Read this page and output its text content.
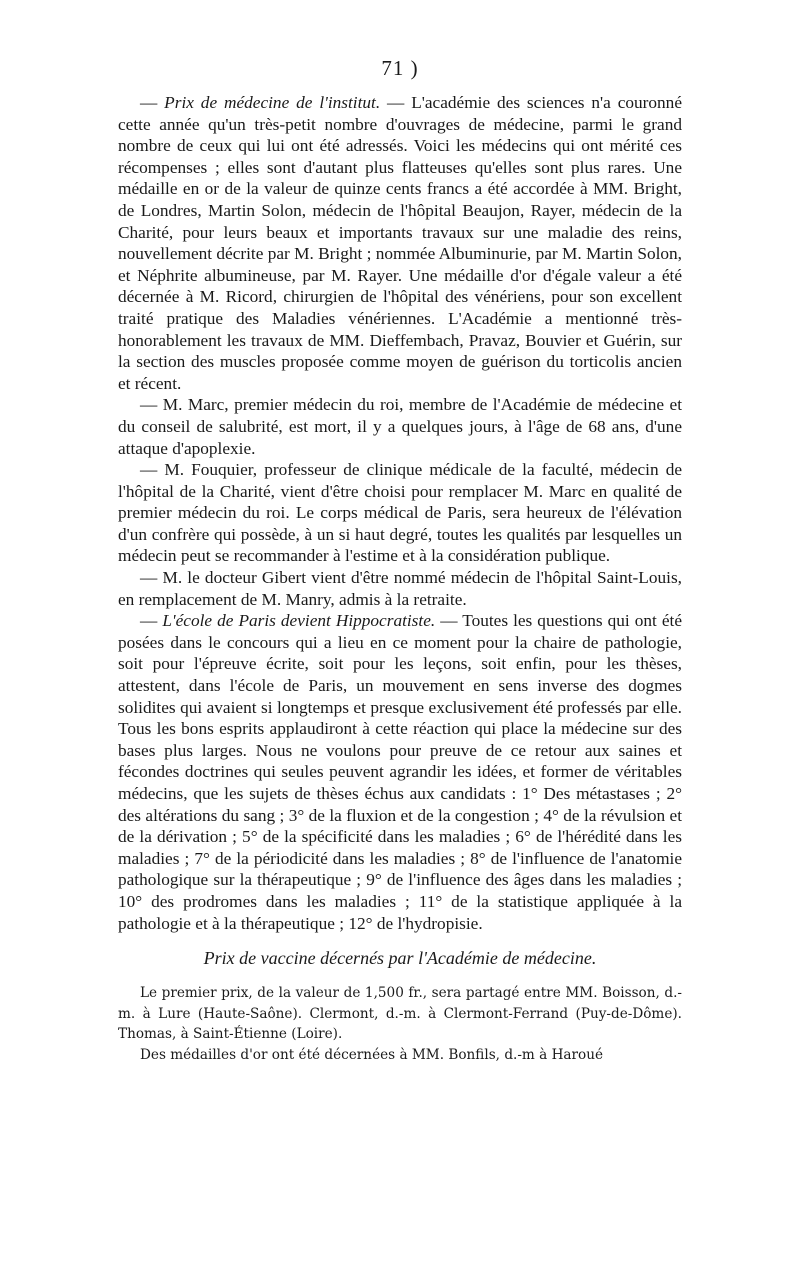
71 )

— Prix de médecine de l'institut. — L'académie des sciences n'a couronné cette année qu'un très-petit nombre d'ouvrages de médecine, parmi le grand nombre de ceux qui lui ont été adressés. Voici les médecins qui ont mérité ces récompenses ; elles sont d'autant plus flatteuses qu'elles sont plus rares. Une médaille en or de la valeur de quinze cents francs a été accordée à MM. Bright, de Londres, Martin Solon, médecin de l'hôpital Beaujon, Rayer, médecin de la Charité, pour leurs beaux et importants travaux sur une maladie des reins, nouvellement décrite par M. Bright ; nommée Albuminurie, par M. Martin Solon, et Néphrite albumineuse, par M. Rayer. Une médaille d'or d'égale valeur a été décernée à M. Ricord, chirurgien de l'hôpital des vénériens, pour son excellent traité pratique des Maladies vénériennes. L'Académie a mentionné très-honorablement les travaux de MM. Dieffembach, Pravaz, Bouvier et Guérin, sur la section des muscles proposée comme moyen de guérison du torticolis ancien et récent.

— M. Marc, premier médecin du roi, membre de l'Académie de médecine et du conseil de salubrité, est mort, il y a quelques jours, à l'âge de 68 ans, d'une attaque d'apoplexie.

— M. Fouquier, professeur de clinique médicale de la faculté, médecin de l'hôpital de la Charité, vient d'être choisi pour remplacer M. Marc en qualité de premier médecin du roi. Le corps médical de Paris, sera heureux de l'élévation d'un confrère qui possède, à un si haut degré, toutes les qualités par lesquelles un médecin peut se recommander à l'estime et à la considération publique.

— M. le docteur Gibert vient d'être nommé médecin de l'hôpital Saint-Louis, en remplacement de M. Manry, admis à la retraite.

— L'école de Paris devient Hippocratiste. — Toutes les questions qui ont été posées dans le concours qui a lieu en ce moment pour la chaire de pathologie, soit pour l'épreuve écrite, soit pour les leçons, soit enfin, pour les thèses, attestent, dans l'école de Paris, un mouvement en sens inverse des dogmes solidites qui avaient si longtemps et presque exclusivement été professés par elle. Tous les bons esprits applaudiront à cette réaction qui place la médecine sur des bases plus larges. Nous ne voulons pour preuve de ce retour aux saines et fécondes doctrines qui seules peuvent agrandir les idées, et former de véritables médecins, que les sujets de thèses échus aux candidats : 1° Des métastases ; 2° des altérations du sang ; 3° de la fluxion et de la congestion ; 4° de la révulsion et de la dérivation ; 5° de la spécificité dans les maladies ; 6° de l'hérédité dans les maladies ; 7° de la périodicité dans les maladies ; 8° de l'influence de l'anatomie pathologique sur la thérapeutique ; 9° de l'influence des âges dans les maladies ; 10° des prodromes dans les maladies ; 11° de la statistique appliquée à la pathologie et à la thérapeutique ; 12° de l'hydropisie.

Prix de vaccine décernés par l'Académie de médecine.

Le premier prix, de la valeur de 1,500 fr., sera partagé entre MM. Boisson, d.-m. à Lure (Haute-Saône). Clermont, d.-m. à Clermont-Ferrand (Puy-de-Dôme). Thomas, à Saint-Étienne (Loire).

Des médailles d'or ont été décernées à MM. Bonfils, d.-m à Haroué
